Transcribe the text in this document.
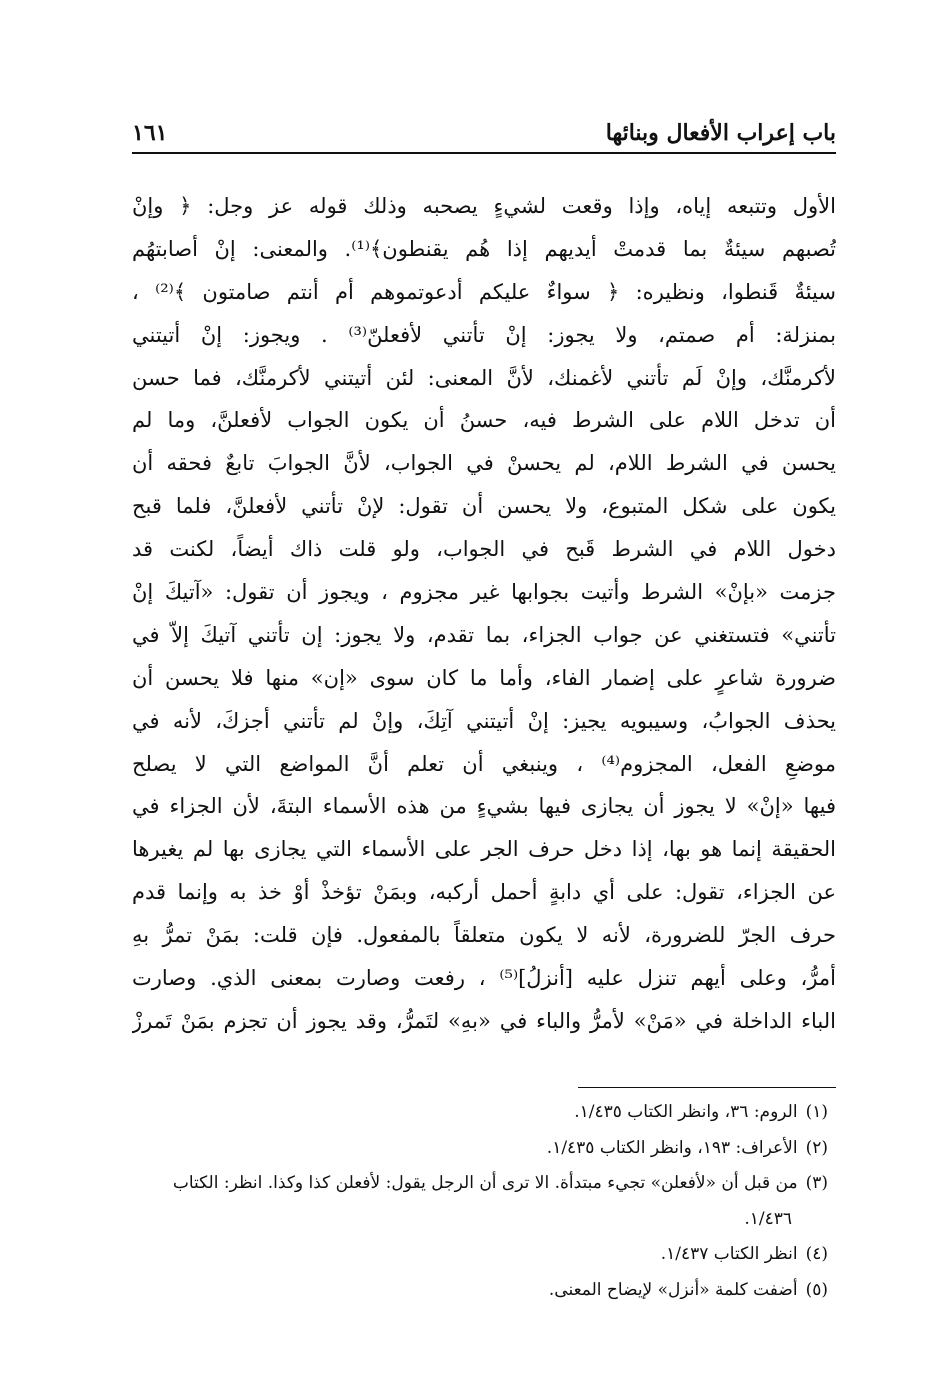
باب إعراب الأفعال وبنائها
١٦١
الأول وتتبعه إياه، وإذا وقعت لشيءٍ يصحبه وذلك قوله عز وجل: ﴿ وإنْ
تُصبهم سيئةٌ بما قدمتْ أيديهم إذا هُم يقنطون﴾⁽¹⁾. والمعنى: إنْ أصابتهُم
سيئةٌ قَنطوا، ونظيره: ﴿ سواءٌ عليكم أدعوتموهم أم أنتم صامتون ﴾⁽²⁾ ،
بمنزلة: أم صمتم، ولا يجوز: إنْ تأتني لأفعلنّ⁽³⁾ . ويجوز: إنْ أتيتني
لأكرمنَّك، وإنْ لَم تأتني لأغمنك، لأنَّ المعنى: لئن أتيتني لأكرمنَّك، فما حسن
أن تدخل اللام على الشرط فيه، حسنُ أن يكون الجواب لأفعلنَّ، وما لم
يحسن في الشرط اللام، لم يحسنْ في الجواب، لأنَّ الجوابَ تابعٌ فحقه أن
يكون على شكل المتبوع، ولا يحسن أن تقول: لإنْ تأتني لأفعلنَّ، فلما قبح
دخول اللام في الشرط قَبح في الجواب، ولو قلت ذاك أيضاً، لكنت قد
جزمت «بإنْ» الشرط وأتيت بجوابها غير مجزوم ، ويجوز أن تقول: «آتيكَ إنْ
تأتني» فتستغني عن جواب الجزاء، بما تقدم، ولا يجوز: إن تأتني آتيكَ إلاّ في
ضرورة شاعرٍ على إضمار الفاء، وأما ما كان سوى «إن» منها فلا يحسن أن
يحذف الجوابُ، وسيبويه يجيز: إنْ أتيتني آتِكَ، وإنْ لم تأتني أجزكَ، لأنه في
موضعِ الفعل، المجزوم⁽⁴⁾ ، وينبغي أن تعلم أنَّ المواضع التي لا يصلح
فيها «إنْ» لا يجوز أن يجازى فيها بشيءٍ من هذه الأسماء البتةَ، لأن الجزاء في
الحقيقة إنما هو بها، إذا دخل حرف الجر على الأسماء التي يجازى بها لم يغيرها
عن الجزاء، تقول: على أي دابةٍ أحمل أركبه، وبمَنْ تؤخذْ أوْ خذ به وإنما قدم
حرف الجرّ للضرورة، لأنه لا يكون متعلقاً بالمفعول. فإن قلت: بمَنْ تمرُّ بهِ
أمرُّ، وعلى أيهم تنزل عليه [أنزلُ]⁽⁵⁾ ، رفعت وصارت بمعنى الذي. وصارت
الباء الداخلة في «مَنْ» لأمرُّ والباء في «بهِ» لتَمرُّ، وقد يجوز أن تجزم بمَنْ تَمرزْ
(١)الروم: ٣٦، وانظر الكتاب ١/٤٣٥.
(٢)الأعراف: ١٩٣، وانظر الكتاب ١/٤٣٥.
(٣)من قبل أن «لأفعلن» تجيء مبتدأة. الا ترى أن الرجل يقول: لأفعلن كذا وكذا. انظر: الكتاب
١/٤٣٦.
(٤)انظر الكتاب ١/٤٣٧.
(٥)أضفت كلمة «أنزل» لإيضاح المعنى.
